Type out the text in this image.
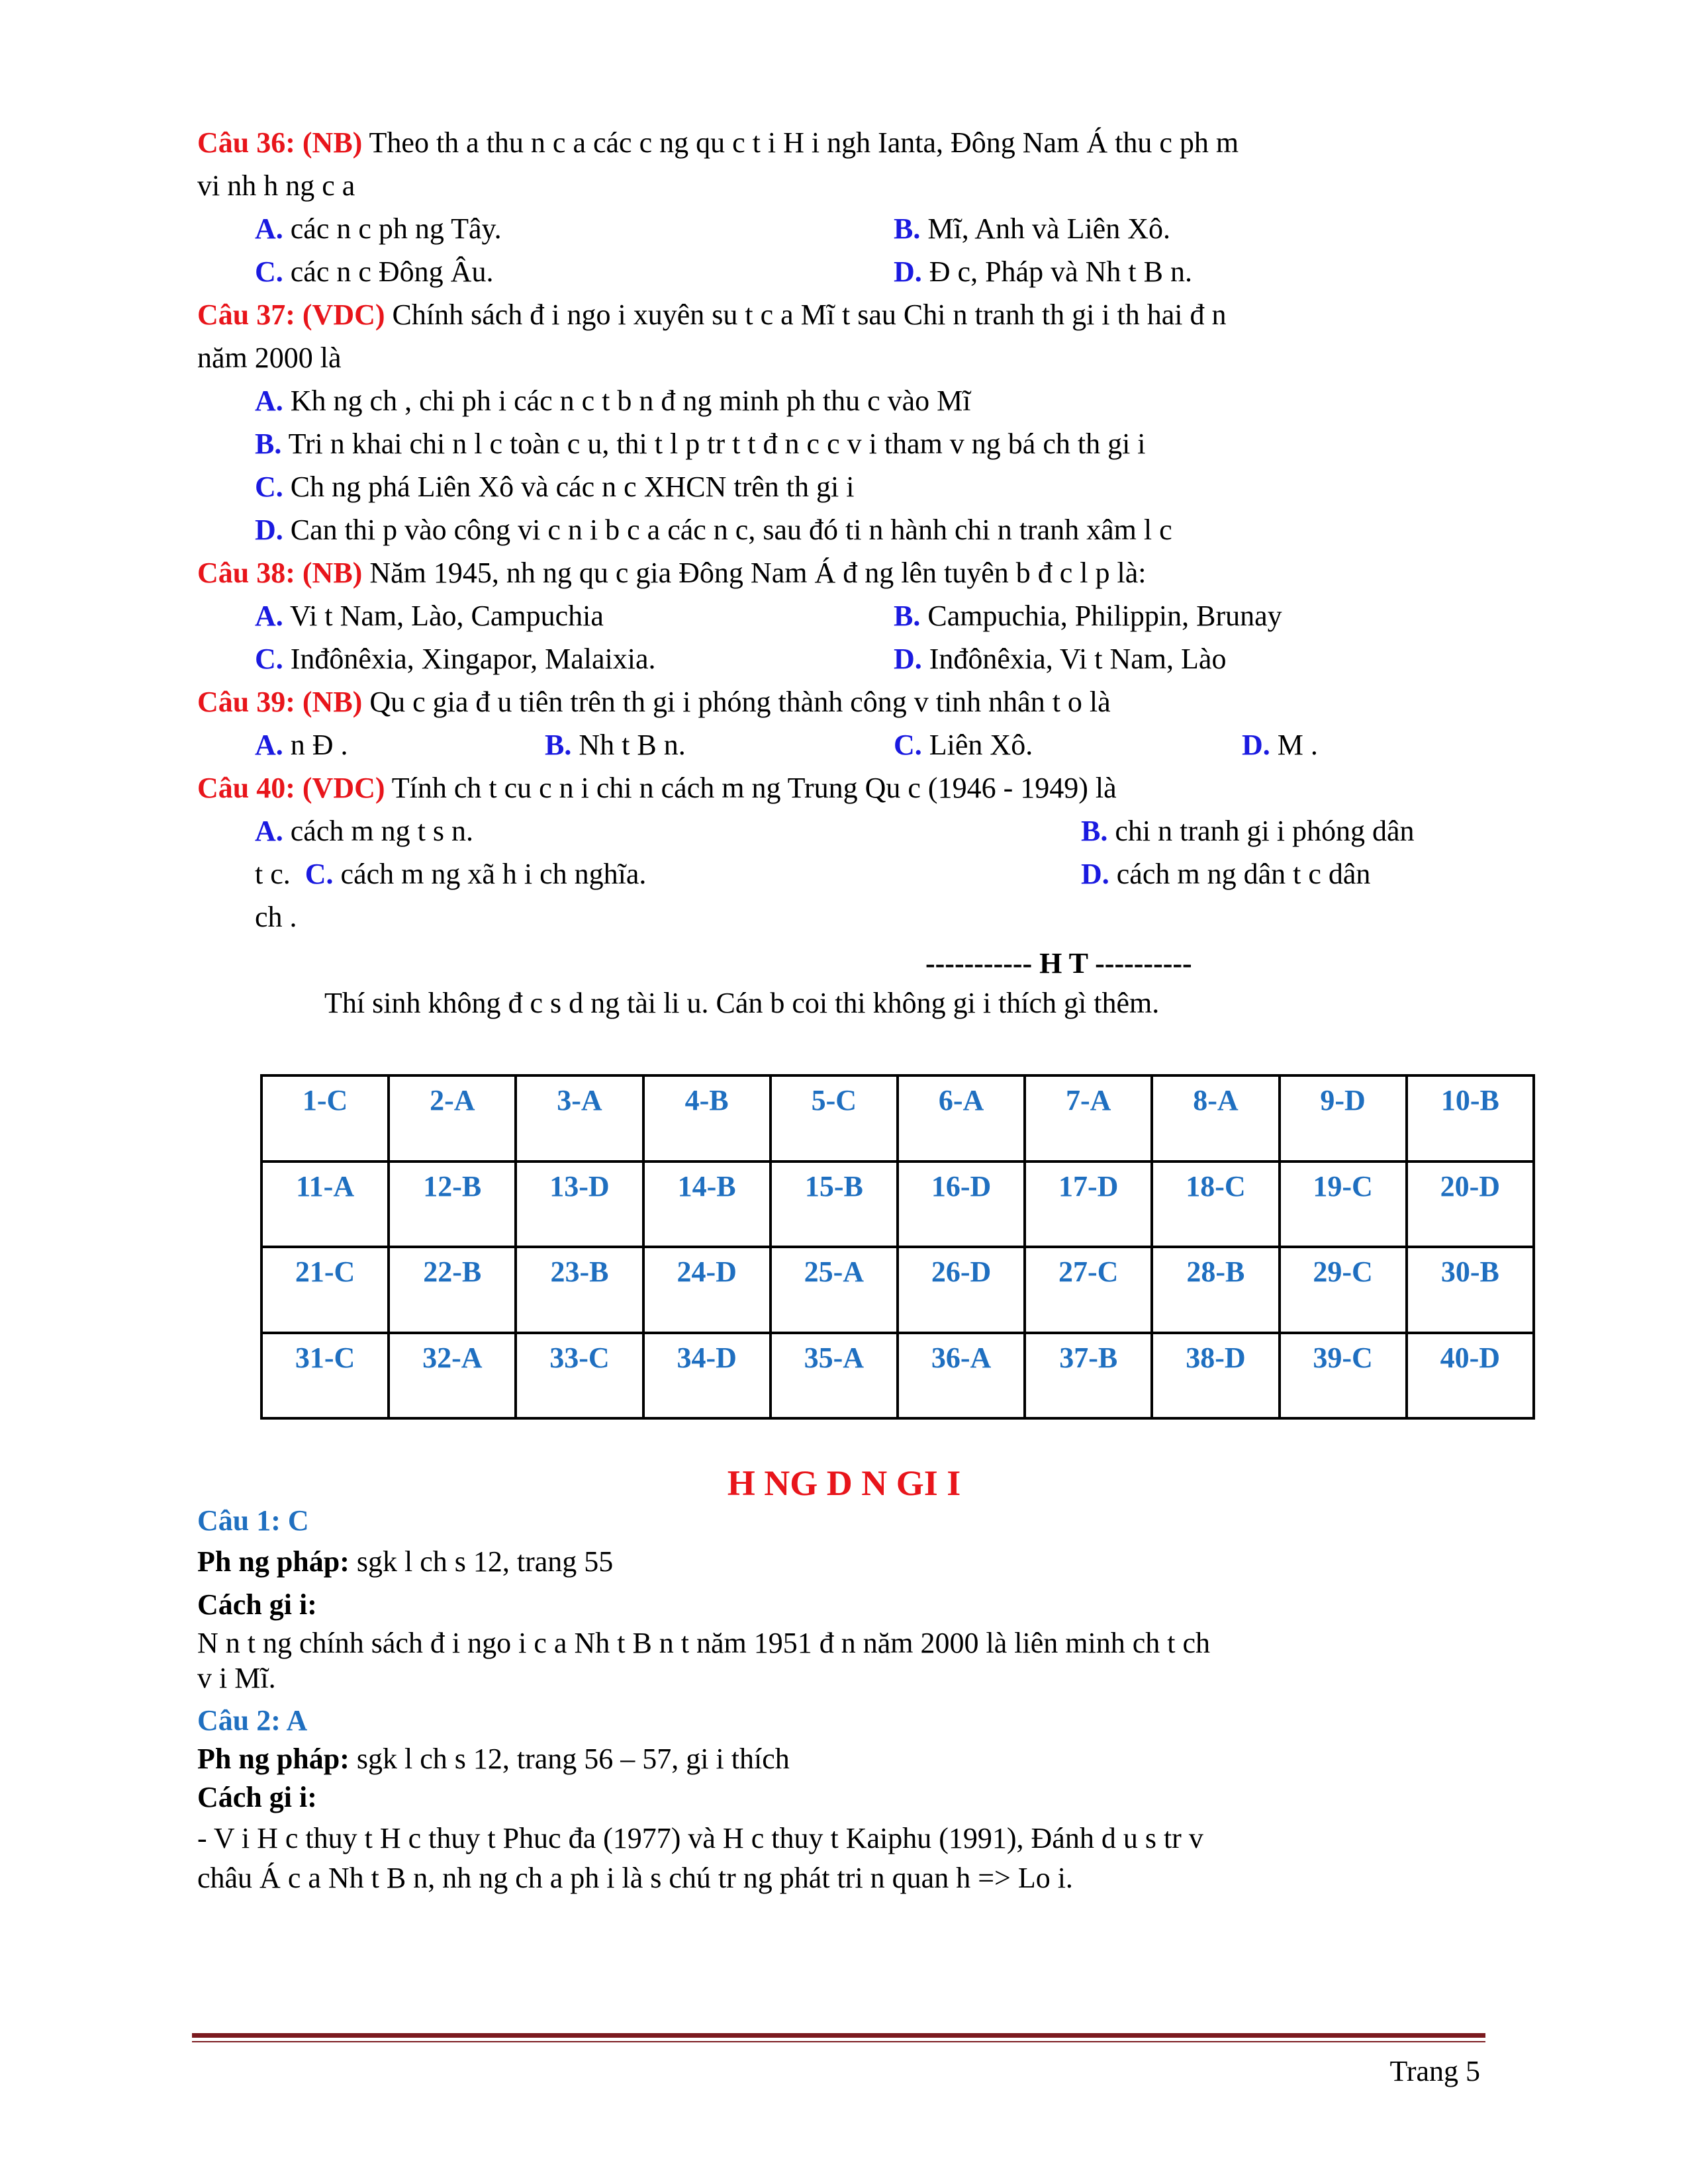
Câu 36: (NB) Theo th a thu n c a các c ng qu c t i H i ngh Ianta, Đông Nam Á thu c ph m
vi nh h ng c a
A. các n c ph ng Tây.	B. Mĩ, Anh và Liên Xô.
C. các n c Đông Âu.	D. Đ c, Pháp và Nh t B n.
Câu 37: (VDC) Chính sách đ i ngo i xuyên su t c a Mĩ t sau Chi n tranh th gi i th hai đ n
năm 2000 là
A. Kh ng ch , chi ph i các n c t b n đ ng minh ph thu c vào Mĩ
B. Tri n khai chi n l c toàn c u, thi t l p tr t t đ n c c v i tham v ng bá ch th gi i
C. Ch ng phá Liên Xô và các n c XHCN trên th gi i
D. Can thi p vào công vi c n i b c a các n c, sau đó ti n hành chi n tranh xâm l c
Câu 38: (NB) Năm 1945, nh ng qu c gia Đông Nam Á đ ng lên tuyên b đ c l p là:
A. Vi t Nam, Lào, Campuchia	B. Campuchia, Philippin, Brunay
C. Inđônêxia, Xingapor, Malaixia.	D. Inđônêxia, Vi t Nam, Lào
Câu 39: (NB) Qu c gia đ u tiên trên th gi i phóng thành công v tinh nhân t o là
A. n Đ .	B. Nh t B n.	C. Liên Xô.	D. M .
Câu 40: (VDC) Tính ch t cu c n i chi n cách m ng Trung Qu c (1946 - 1949) là
A. cách m ng t s n.	B. chi n tranh gi i phóng dân
t c. C. cách m ng xã h i ch nghĩa.	D. cách m ng dân t c dân
ch .
----------- H T ----------
Thí sinh không đ c s d ng tài li u. Cán b coi thi không gi i thích gì thêm.
1-C	2-A	3-A	4-B	5-C	6-A	7-A	8-A	9-D	10-B
11-A	12-B	13-D	14-B	15-B	16-D	17-D	18-C	19-C	20-D
21-C	22-B	23-B	24-D	25-A	26-D	27-C	28-B	29-C	30-B
31-C	32-A	33-C	34-D	35-A	36-A	37-B	38-D	39-C	40-D
H NG D N GI I
Câu 1: C
Ph ng pháp: sgk l ch s 12, trang 55
Cách gi i:
N n t ng chính sách đ i ngo i c a Nh t B n t năm 1951 đ n năm 2000 là liên minh ch t ch
v i Mĩ.
Câu 2: A
Ph ng pháp: sgk l ch s 12, trang 56 – 57, gi i thích
Cách gi i:
- V i H c thuy t H c thuy t Phuc đa (1977) và H c thuy t Kaiphu (1991), Đánh d u s tr v
châu Á c a Nh t B n, nh ng ch a ph i là s chú tr ng phát tri n quan h => Lo i.
Trang 5
